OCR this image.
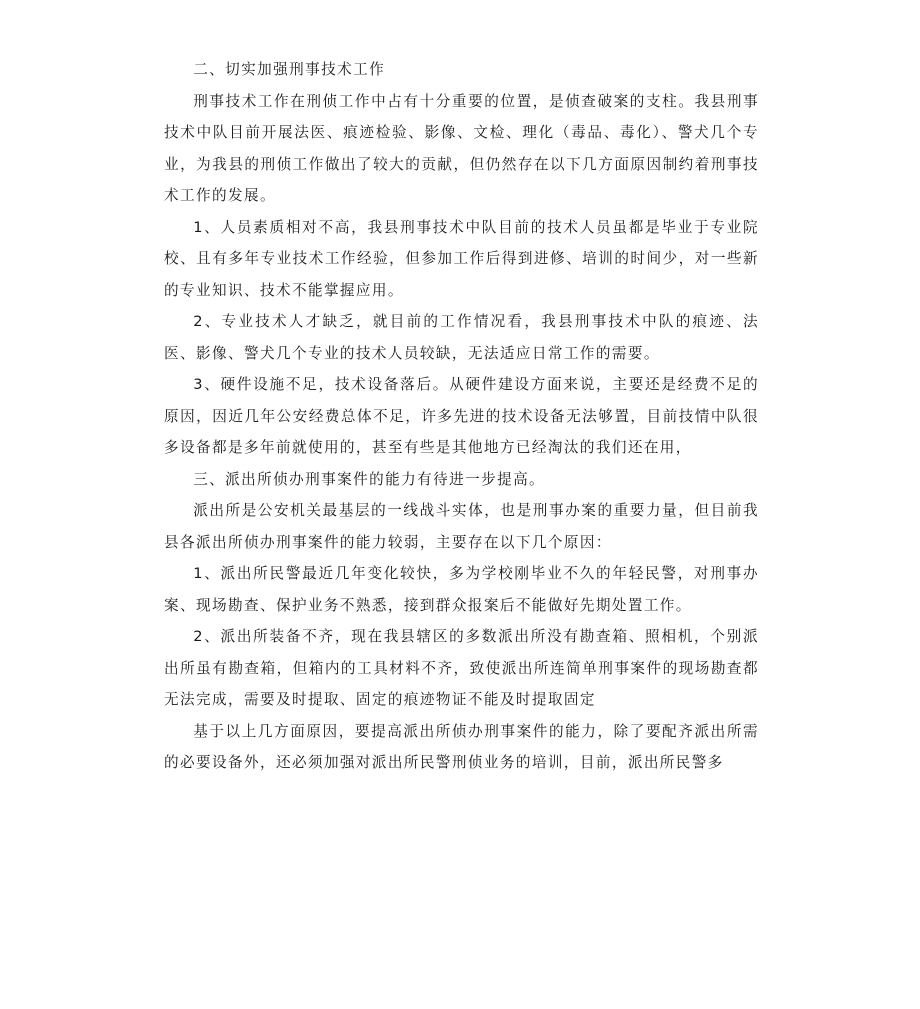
二、切实加强刑事技术工作

刑事技术工作在刑侦工作中占有十分重要的位置，是侦查破案的支柱。我县刑事技术中队目前开展法医、痕迹检验、影像、文检、理化（毒品、毒化）、警犬几个专业，为我县的刑侦工作做出了较大的贡献，但仍然存在以下几方面原因制约着刑事技术工作的发展。

1、人员素质相对不高，我县刑事技术中队目前的技术人员虽都是毕业于专业院校、且有多年专业技术工作经验，但参加工作后得到进修、培训的时间少，对一些新的专业知识、技术不能掌握应用。

2、专业技术人才缺乏，就目前的工作情况看，我县刑事技术中队的痕迹、法医、影像、警犬几个专业的技术人员较缺，无法适应日常工作的需要。

3、硬件设施不足，技术设备落后。从硬件建设方面来说，主要还是经费不足的原因，因近几年公安经费总体不足，许多先进的技术设备无法够置，目前技情中队很多设备都是多年前就使用的，甚至有些是其他地方已经淘汰的我们还在用，

三、派出所侦办刑事案件的能力有待进一步提高。

派出所是公安机关最基层的一线战斗实体，也是刑事办案的重要力量，但目前我县各派出所侦办刑事案件的能力较弱，主要存在以下几个原因：

1、派出所民警最近几年变化较快，多为学校刚毕业不久的年轻民警，对刑事办案、现场勘查、保护业务不熟悉，接到群众报案后不能做好先期处置工作。

2、派出所装备不齐，现在我县辖区的多数派出所没有勘查箱、照相机，个别派出所虽有勘查箱，但箱内的工具材料不齐，致使派出所连简单刑事案件的现场勘查都无法完成，需要及时提取、固定的痕迹物证不能及时提取固定

基于以上几方面原因，要提高派出所侦办刑事案件的能力，除了要配齐派出所需的必要设备外，还必须加强对派出所民警刑侦业务的培训，目前，派出所民警多
